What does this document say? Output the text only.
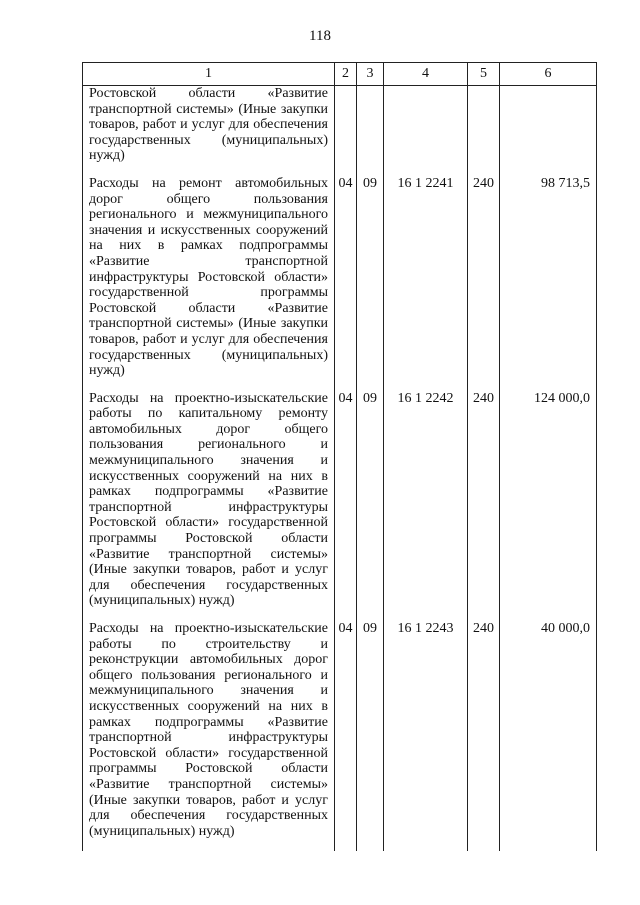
118
1	2	3	4	5	6
Ростовской области «Развитие транспортной системы» (Иные закупки товаров, работ и услуг для обеспечения государственных (муниципальных) нужд)					
Расходы на ремонт автомобильных дорог общего пользования регионального и межмуниципального значения и искусственных сооружений на них в рамках подпрограммы «Развитие транспортной инфраструктуры Ростовской области» государственной программы Ростовской области «Развитие транспортной системы» (Иные закупки товаров, работ и услуг для обеспечения государственных (муниципальных) нужд)	04	09	16 1 2241	240	98 713,5
Расходы на проектно-изыскательские работы по капитальному ремонту автомобильных дорог общего пользования регионального и межмуниципального значения и искусственных сооружений на них в рамках подпрограммы «Развитие транспортной инфраструктуры Ростовской области» государственной программы Ростовской области «Развитие транспортной системы» (Иные закупки товаров, работ и услуг для обеспечения государственных (муниципальных) нужд)	04	09	16 1 2242	240	124 000,0
Расходы на проектно-изыскательские работы по строительству и реконструкции автомобильных дорог общего пользования регионального и межмуниципального значения и искусственных сооружений на них в рамках подпрограммы «Развитие транспортной инфраструктуры Ростовской области» государственной программы Ростовской области «Развитие транспортной системы» (Иные закупки товаров, работ и услуг для обеспечения государственных (муниципальных) нужд)	04	09	16 1 2243	240	40 000,0
